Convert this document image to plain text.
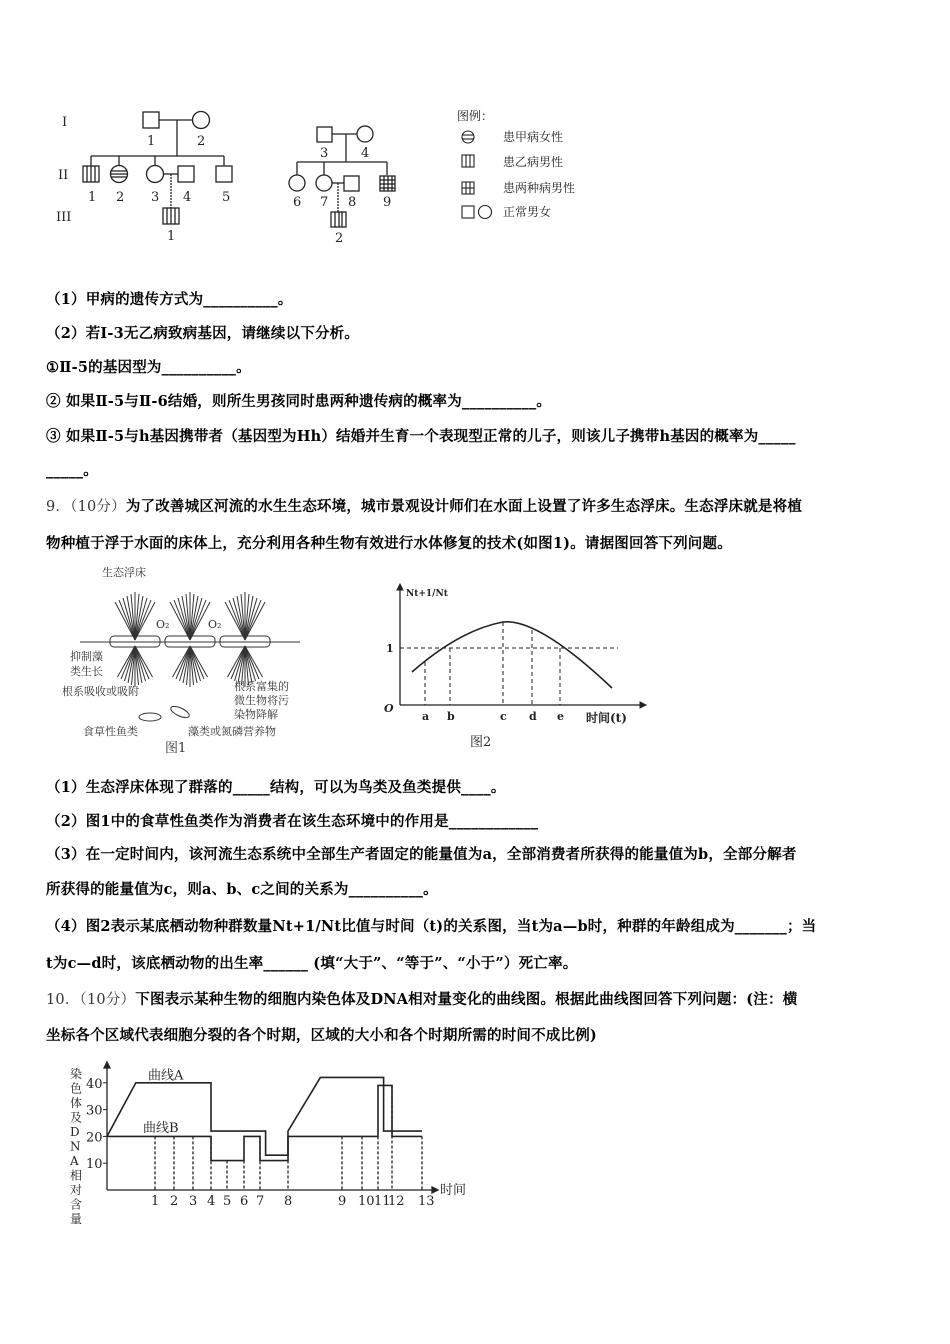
I
II
III
1	2
1 2 3 4 5
1
3	4
6 7 8 9
2
图例：
患甲病女性
患乙病男性
患两种病男性
正常男女
（1）甲病的遗传方式为__________。
（2）若I-3无乙病致病基因，请继续以下分析。
①Ⅱ-5的基因型为__________。
② 如果Ⅱ-5与Ⅱ-6结婚，则所生男孩同时患两种遗传病的概率为__________。
③ 如果Ⅱ-5与h基因携带者（基因型为Hh）结婚并生育一个表现型正常的儿子，则该儿子携带h基因的概率为_____
_____。
9．（10分）为了改善城区河流的水生生态环境，城市景观设计师们在水面上设置了许多生态浮床。生态浮床就是将植
物种植于浮于水面的床体上，充分利用各种生物有效进行水体修复的技术(如图1)。请据图回答下列问题。
生态浮床
抑制藻
类生长
根系吸收或吸附	根系富集的
微生物将污
染物降解
食草性鱼类	藻类或氮磷营养物
O₂	O₂
图1
Nt+1/Nt
O
1
a b	c d e 时间(t)
图2
（1）生态浮床体现了群落的_____结构，可以为鸟类及鱼类提供____。
（2）图1中的食草性鱼类作为消费者在该生态环境中的作用是____________
（3）在一定时间内，该河流生态系统中全部生产者固定的能量值为a，全部消费者所获得的能量值为b，全部分解者
所获得的能量值为c，则a、b、c之间的关系为__________。
（4）图2表示某底栖动物种群数量Nt+1/Nt比值与时间（t)的关系图，当t为a—b时，种群的年龄组成为_______；当
t为c—d时，该底栖动物的出生率______ (填“大于”、“等于”、“小于”）死亡率。
10．（10分）下图表示某种生物的细胞内染色体及DNA相对量变化的曲线图。根据此曲线图回答下列问题：(注：横
坐标各个区域代表细胞分裂的各个时期，区域的大小和各个时期所需的时间不成比例)
1 2 3 4 5 6 7 8	9 10 11
12 13
10
20
30
40
曲线A
曲线B
时间
染
色
体
及
D
N
A
相
对
含
量
